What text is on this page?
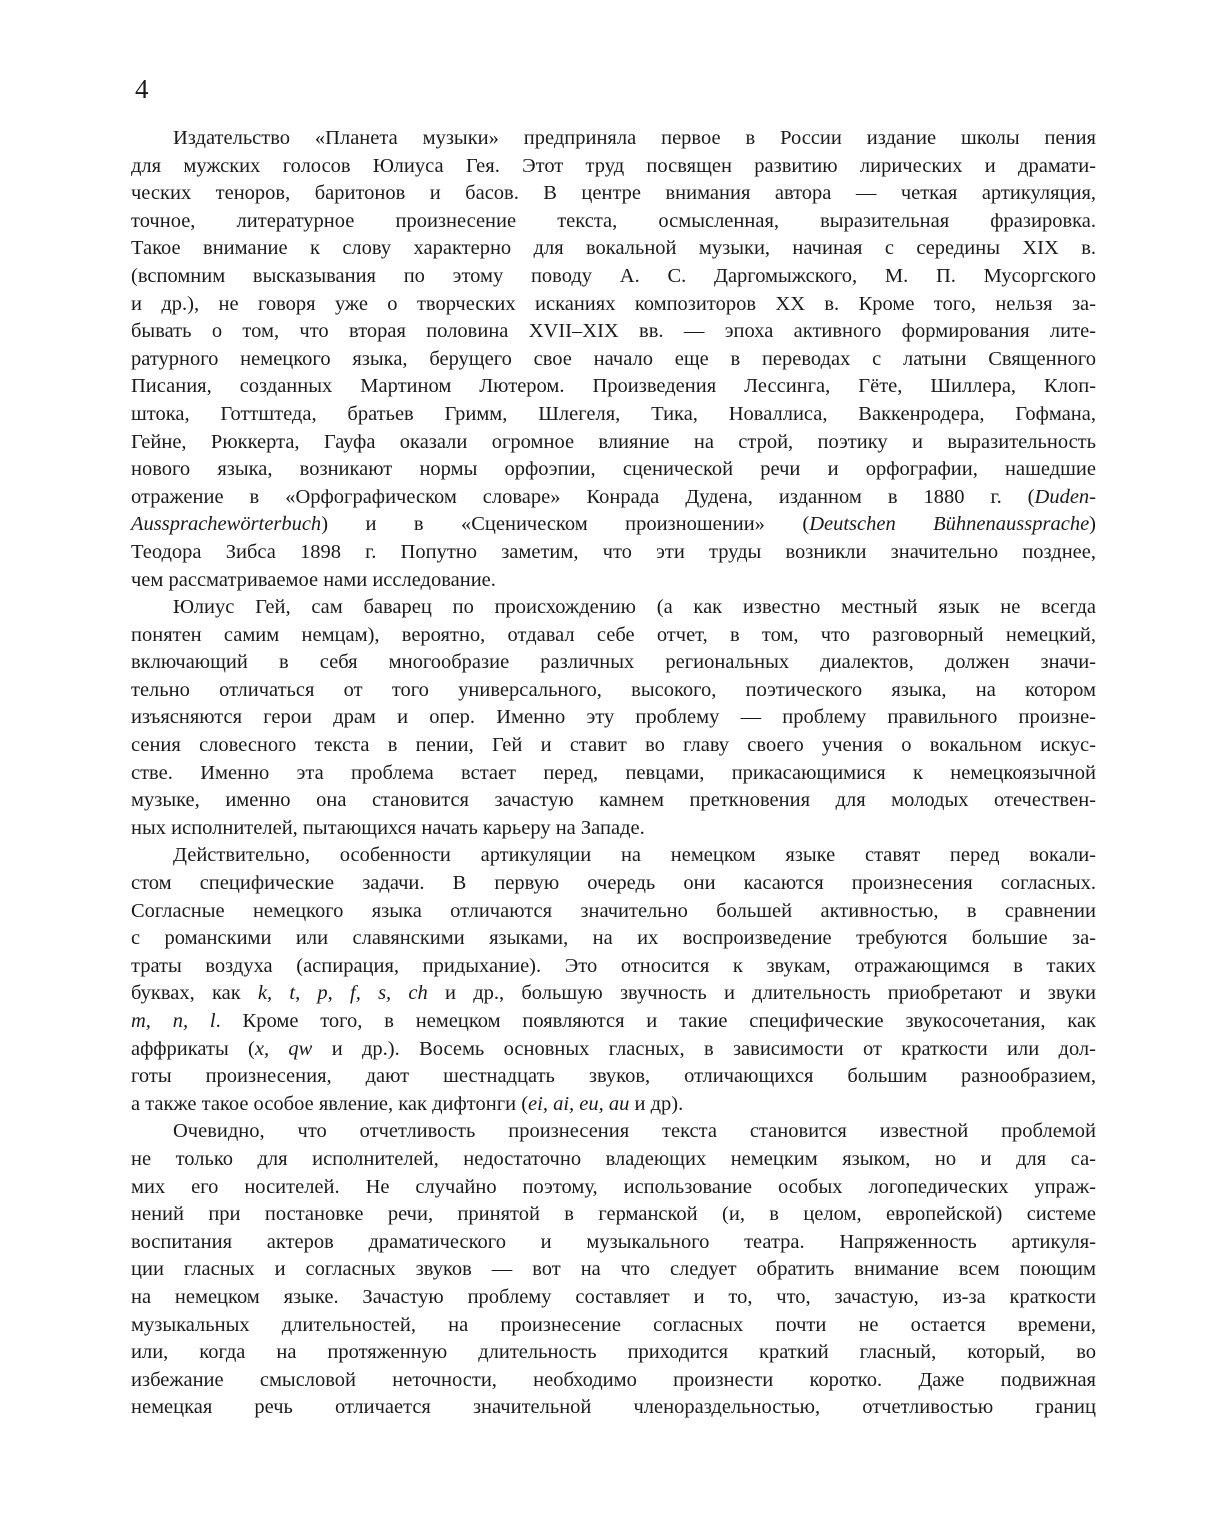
4
Издательство «Планета музыки» предприняла первое в России издание школы пения
для мужских голосов Юлиуса Гея. Этот труд посвящен развитию лирических и драмати-
ческих теноров, баритонов и басов. В центре внимания автора — четкая артикуляция,
точное, литературное произнесение текста, осмысленная, выразительная фразировка.
Такое внимание к слову характерно для вокальной музыки, начиная с середины XIX в.
(вспомним высказывания по этому поводу А. С. Даргомыжского, М. П. Мусоргского
и др.), не говоря уже о творческих исканиях композиторов XX в. Кроме того, нельзя за-
бывать о том, что вторая половина XVII–XIX вв. — эпоха активного формирования лите-
ратурного немецкого языка, берущего свое начало еще в переводах с латыни Священного
Писания, созданных Мартином Лютером. Произведения Лессинга, Гёте, Шиллера, Клоп-
штока, Готтштеда, братьев Гримм, Шлегеля, Тика, Новаллиса, Ваккенродера, Гофмана,
Гейне, Рюккерта, Гауфа оказали огромное влияние на строй, поэтику и выразительность
нового языка, возникают нормы орфоэпии, сценической речи и орфографии, нашедшие
отражение в «Орфографическом словаре» Конрада Дудена, изданном в 1880 г. (Duden-
Aussprachewörterbuch) и в «Сценическом произношении» (Deutschen Bühnenaussprache)
Теодора Зибса 1898 г. Попутно заметим, что эти труды возникли значительно позднее,
чем рассматриваемое нами исследование.
Юлиус Гей, сам баварец по происхождению (а как известно местный язык не всегда
понятен самим немцам), вероятно, отдавал себе отчет, в том, что разговорный немецкий,
включающий в себя многообразие различных региональных диалектов, должен значи-
тельно отличаться от того универсального, высокого, поэтического языка, на котором
изъясняются герои драм и опер. Именно эту проблему — проблему правильного произне-
сения словесного текста в пении, Гей и ставит во главу своего учения о вокальном искус-
стве. Именно эта проблема встает перед, певцами, прикасающимися к немецкоязычной
музыке, именно она становится зачастую камнем преткновения для молодых отечествен-
ных исполнителей, пытающихся начать карьеру на Западе.
Действительно, особенности артикуляции на немецком языке ставят перед вокали-
стом специфические задачи. В первую очередь они касаются произнесения согласных.
Согласные немецкого языка отличаются значительно большей активностью, в сравнении
с романскими или славянскими языками, на их воспроизведение требуются большие за-
траты воздуха (аспирация, придыхание). Это относится к звукам, отражающимся в таких
буквах, как k, t, p, f, s, ch и др., большую звучность и длительность приобретают и звуки
m, n, l. Кроме того, в немецком появляются и такие специфические звукосочетания, как
аффрикаты (x, qw и др.). Восемь основных гласных, в зависимости от краткости или дол-
готы произнесения, дают шестнадцать звуков, отличающихся большим разнообразием,
а также такое особое явление, как дифтонги (ei, ai, eu, au и др).
Очевидно, что отчетливость произнесения текста становится известной проблемой
не только для исполнителей, недостаточно владеющих немецким языком, но и для са-
мих его носителей. Не случайно поэтому, использование особых логопедических упраж-
нений при постановке речи, принятой в германской (и, в целом, европейской) системе
воспитания актеров драматического и музыкального театра. Напряженность артикуля-
ции гласных и согласных звуков — вот на что следует обратить внимание всем поющим
на немецком языке. Зачастую проблему составляет и то, что, зачастую, из-за краткости
музыкальных длительностей, на произнесение согласных почти не остается времени,
или, когда на протяженную длительность приходится краткий гласный, который, во
избежание смысловой неточности, необходимо произнести коротко. Даже подвижная
немецкая речь отличается значительной членораздельностью, отчетливостью границ
